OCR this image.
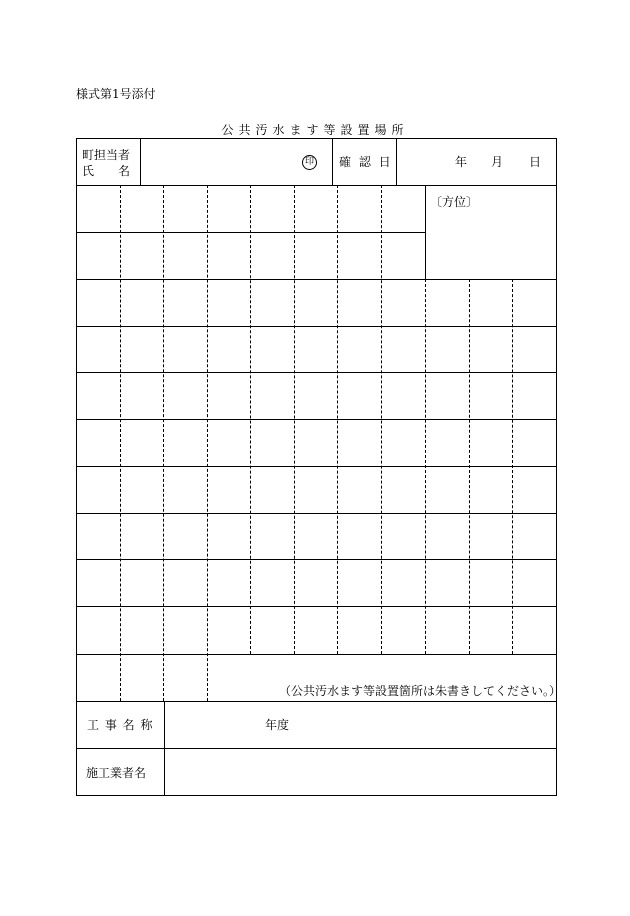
様式第1号添付
公共汚水ます等設置場所
町担当者
氏　　名
印 確 認 日	年 月 日
〔方位〕
（公共汚水ます等設置箇所は朱書きしてください。）
工 事 名 称	年度
施工業者名
